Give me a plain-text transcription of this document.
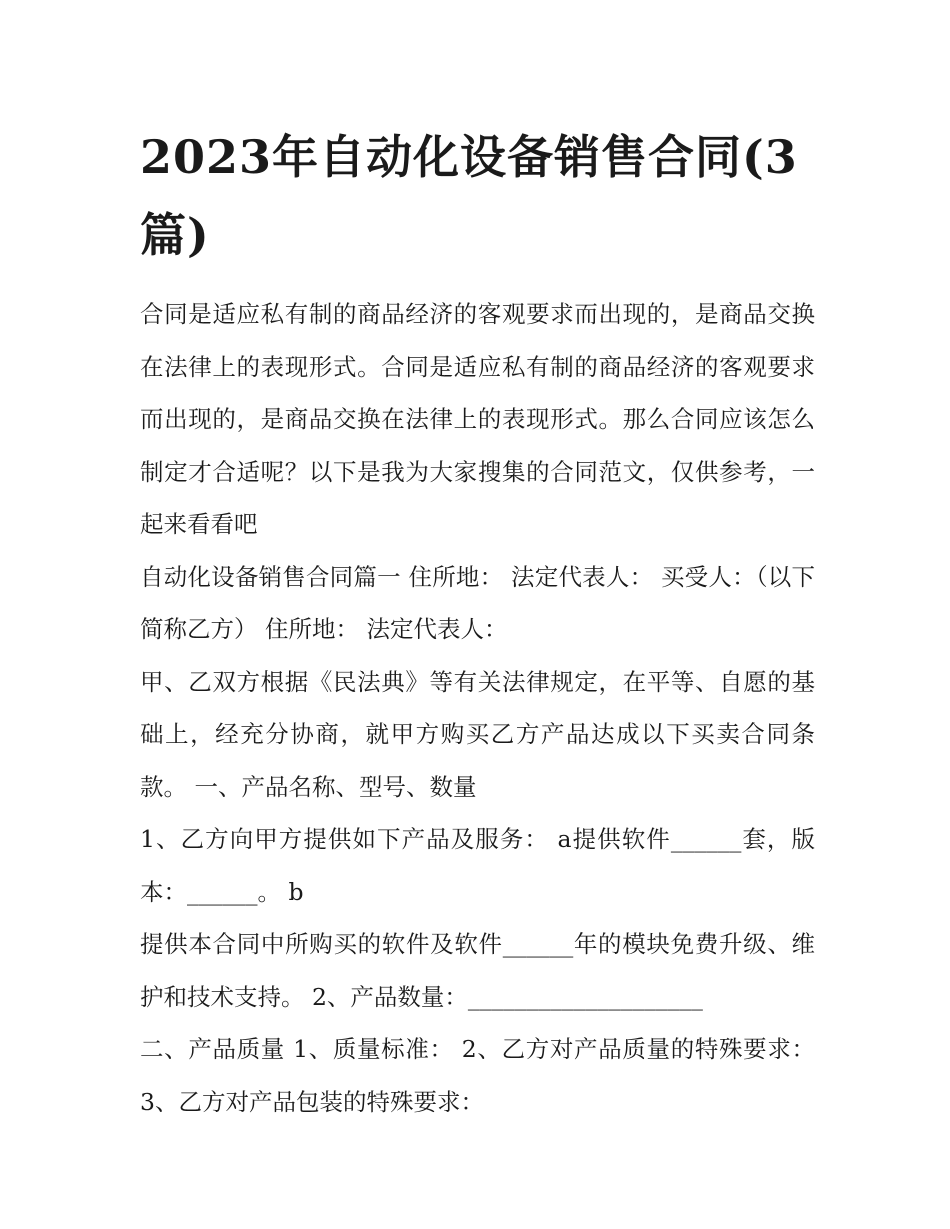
2023年自动化设备销售合同(3篇)

合同是适应私有制的商品经济的客观要求而出现的，是商品交换在法律上的表现形式。合同是适应私有制的商品经济的客观要求而出现的，是商品交换在法律上的表现形式。那么合同应该怎么制定才合适呢？以下是我为大家搜集的合同范文，仅供参考，一起来看看吧

自动化设备销售合同篇一 住所地： 法定代表人： 买受人：（以下简称乙方） 住所地： 法定代表人：

甲、乙双方根据《民法典》等有关法律规定，在平等、自愿的基础上，经充分协商，就甲方购买乙方产品达成以下买卖合同条款。 一、产品名称、型号、数量

1、乙方向甲方提供如下产品及服务： a提供软件______套，版本：______。 b

提供本合同中所购买的软件及软件______年的模块免费升级、维护和技术支持。 2、产品数量：____________________

二、产品质量 1、质量标准： 2、乙方对产品质量的特殊要求： 3、乙方对产品包装的特殊要求：
